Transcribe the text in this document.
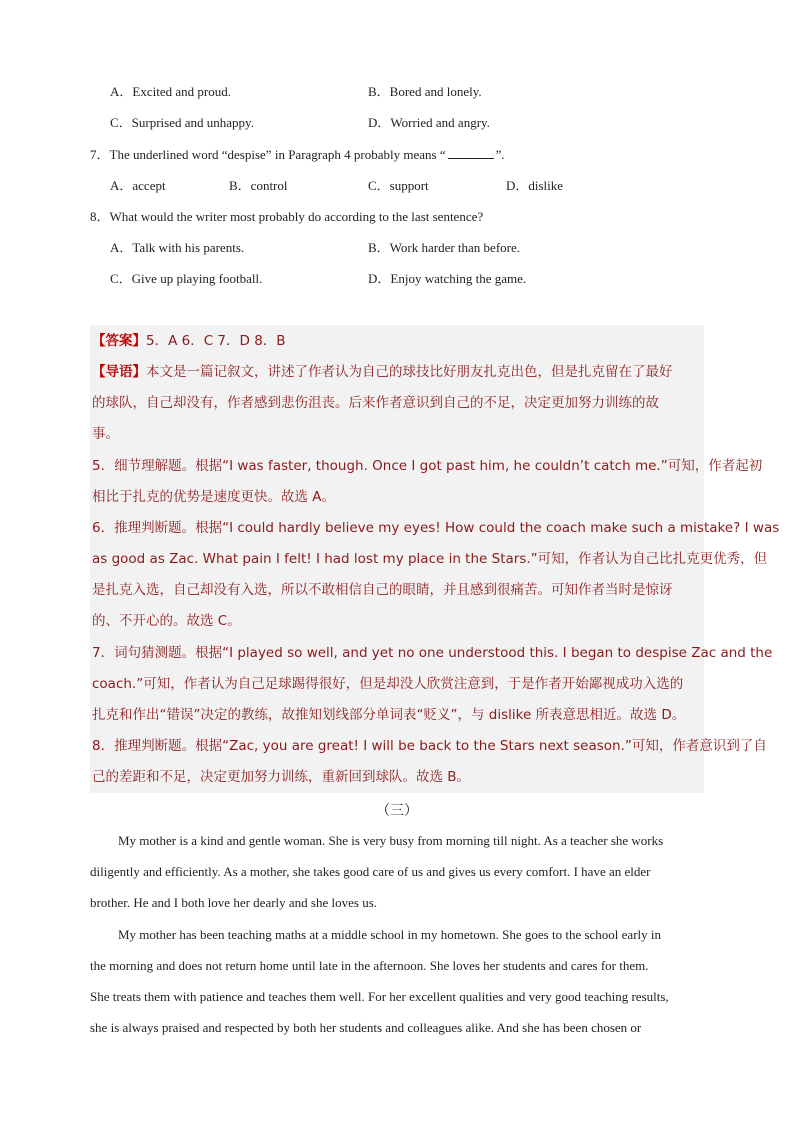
A．Excited and proud.	B．Bored and lonely.
C．Surprised and unhappy.	D．Worried and angry.
7．The underlined word “despise” in Paragraph 4 probably means “	”.
A．accept	B．control	C．support	D．dislike
8．What would the writer most probably do according to the last sentence?
A．Talk with his parents.	B．Work harder than before.
C．Give up playing football.	D．Enjoy watching the game.
【答案】5．A 6．C 7．D 8．B
【导语】本文是一篇记叙文，讲述了作者认为自己的球技比好朋友扎克出色，但是扎克留在了最好
的球队，自己却没有，作者感到悲伤沮丧。后来作者意识到自己的不足，决定更加努力训练的故
事。
5．细节理解题。根据“I was faster, though. Once I got past him, he couldn’t catch me.”可知，作者起初
相比于扎克的优势是速度更快。故选 A。
6．推理判断题。根据“I could hardly believe my eyes! How could the coach make such a mistake? I was
as good as Zac. What pain I felt! I had lost my place in the Stars.”可知，作者认为自己比扎克更优秀，但
是扎克入选，自己却没有入选，所以不敢相信自己的眼睛，并且感到很痛苦。可知作者当时是惊讶
的、不开心的。故选 C。
7．词句猜测题。根据“I played so well, and yet no one understood this. I began to despise Zac and the
coach.”可知，作者认为自己足球踢得很好，但是却没人欣赏注意到，于是作者开始鄙视成功入选的
扎克和作出“错误”决定的教练，故推知划线部分单词表“贬义”，与 dislike 所表意思相近。故选 D。
8．推理判断题。根据“Zac, you are great! I will be back to the Stars next season.”可知，作者意识到了自
己的差距和不足，决定更加努力训练，重新回到球队。故选 B。
（三）
My mother is a kind and gentle woman. She is very busy from morning till night. As a teacher she works
diligently and efficiently. As a mother, she takes good care of us and gives us every comfort. I have an elder
brother. He and I both love her dearly and she loves us.
My mother has been teaching maths at a middle school in my hometown. She goes to the school early in
the morning and does not return home until late in the afternoon. She loves her students and cares for them.
She treats them with patience and teaches them well. For her excellent qualities and very good teaching results,
she is always praised and respected by both her students and colleagues alike. And she has been chosen or
